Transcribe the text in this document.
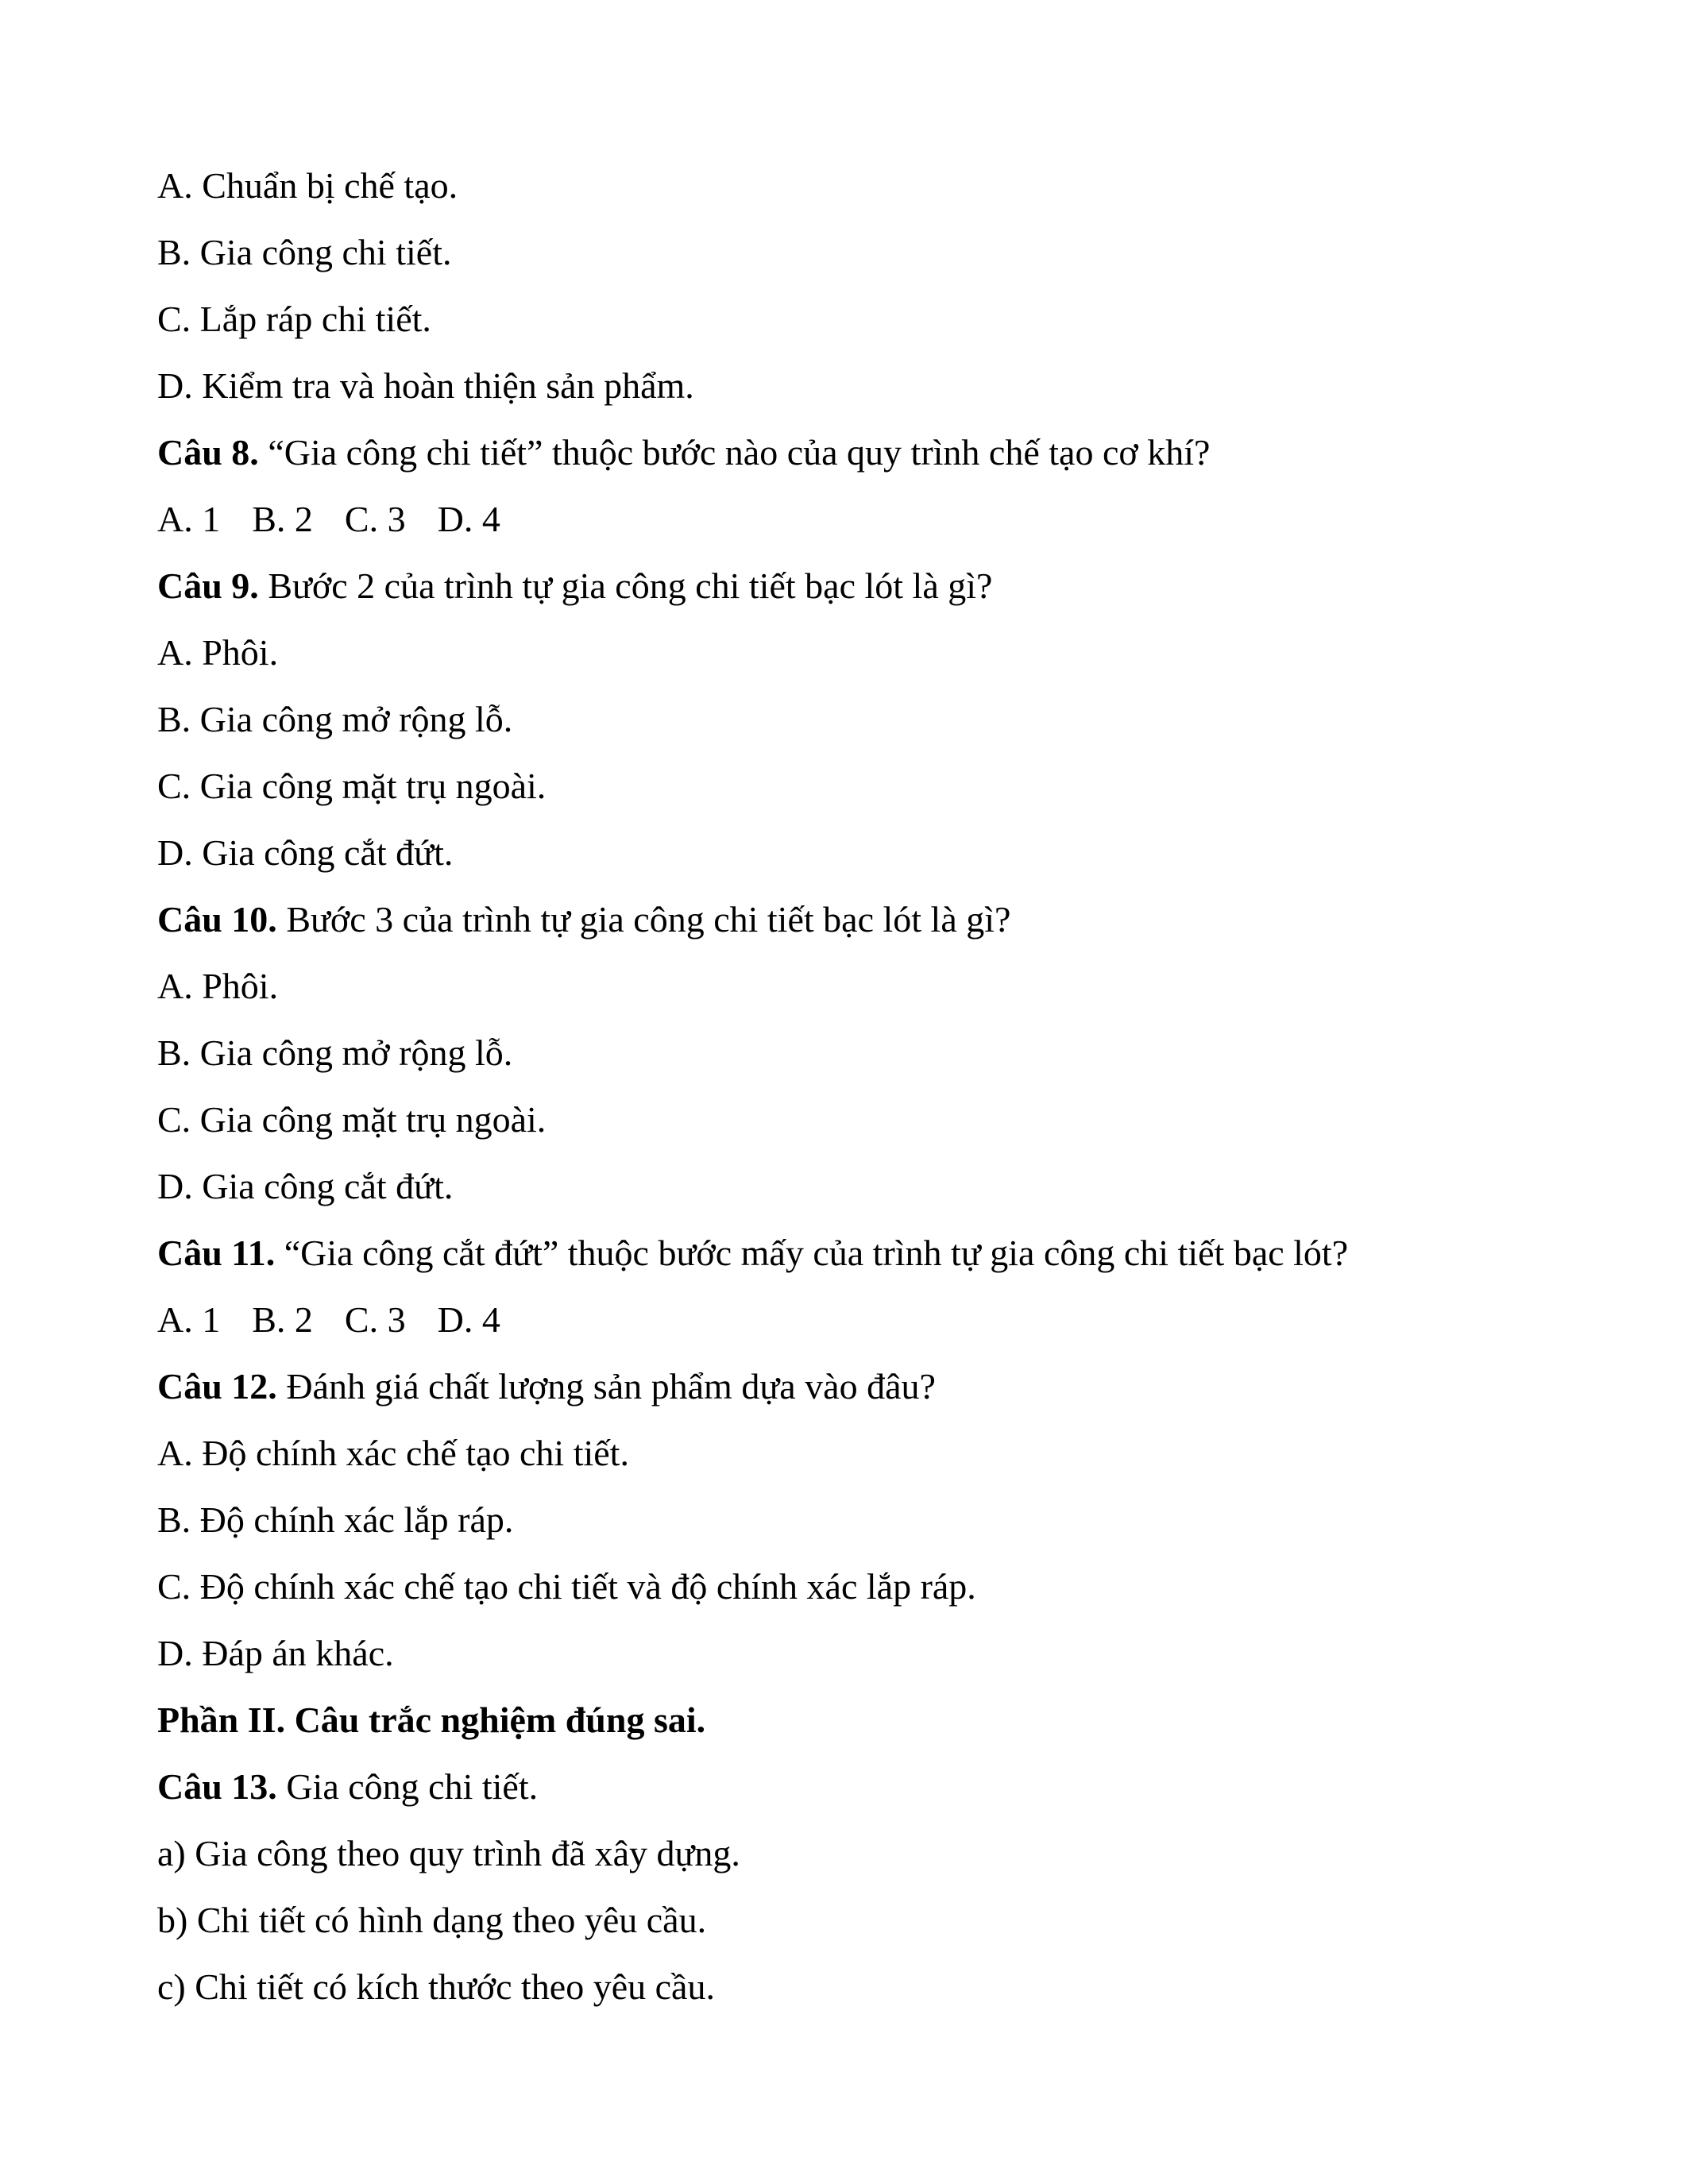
A. Chuẩn bị chế tạo.
B. Gia công chi tiết.
C. Lắp ráp chi tiết.
D. Kiểm tra và hoàn thiện sản phẩm.
Câu 8. “Gia công chi tiết” thuộc bước nào của quy trình chế tạo cơ khí?
A. 1 B. 2 C. 3 D. 4
Câu 9. Bước 2 của trình tự gia công chi tiết bạc lót là gì?
A. Phôi.
B. Gia công mở rộng lỗ.
C. Gia công mặt trụ ngoài.
D. Gia công cắt đứt.
Câu 10. Bước 3 của trình tự gia công chi tiết bạc lót là gì?
A. Phôi.
B. Gia công mở rộng lỗ.
C. Gia công mặt trụ ngoài.
D. Gia công cắt đứt.
Câu 11. “Gia công cắt đứt” thuộc bước mấy của trình tự gia công chi tiết bạc lót?
A. 1 B. 2 C. 3 D. 4
Câu 12. Đánh giá chất lượng sản phẩm dựa vào đâu?
A. Độ chính xác chế tạo chi tiết.
B. Độ chính xác lắp ráp.
C. Độ chính xác chế tạo chi tiết và độ chính xác lắp ráp.
D. Đáp án khác.
Phần II. Câu trắc nghiệm đúng sai.
Câu 13. Gia công chi tiết.
a) Gia công theo quy trình đã xây dựng.
b) Chi tiết có hình dạng theo yêu cầu.
c) Chi tiết có kích thước theo yêu cầu.
